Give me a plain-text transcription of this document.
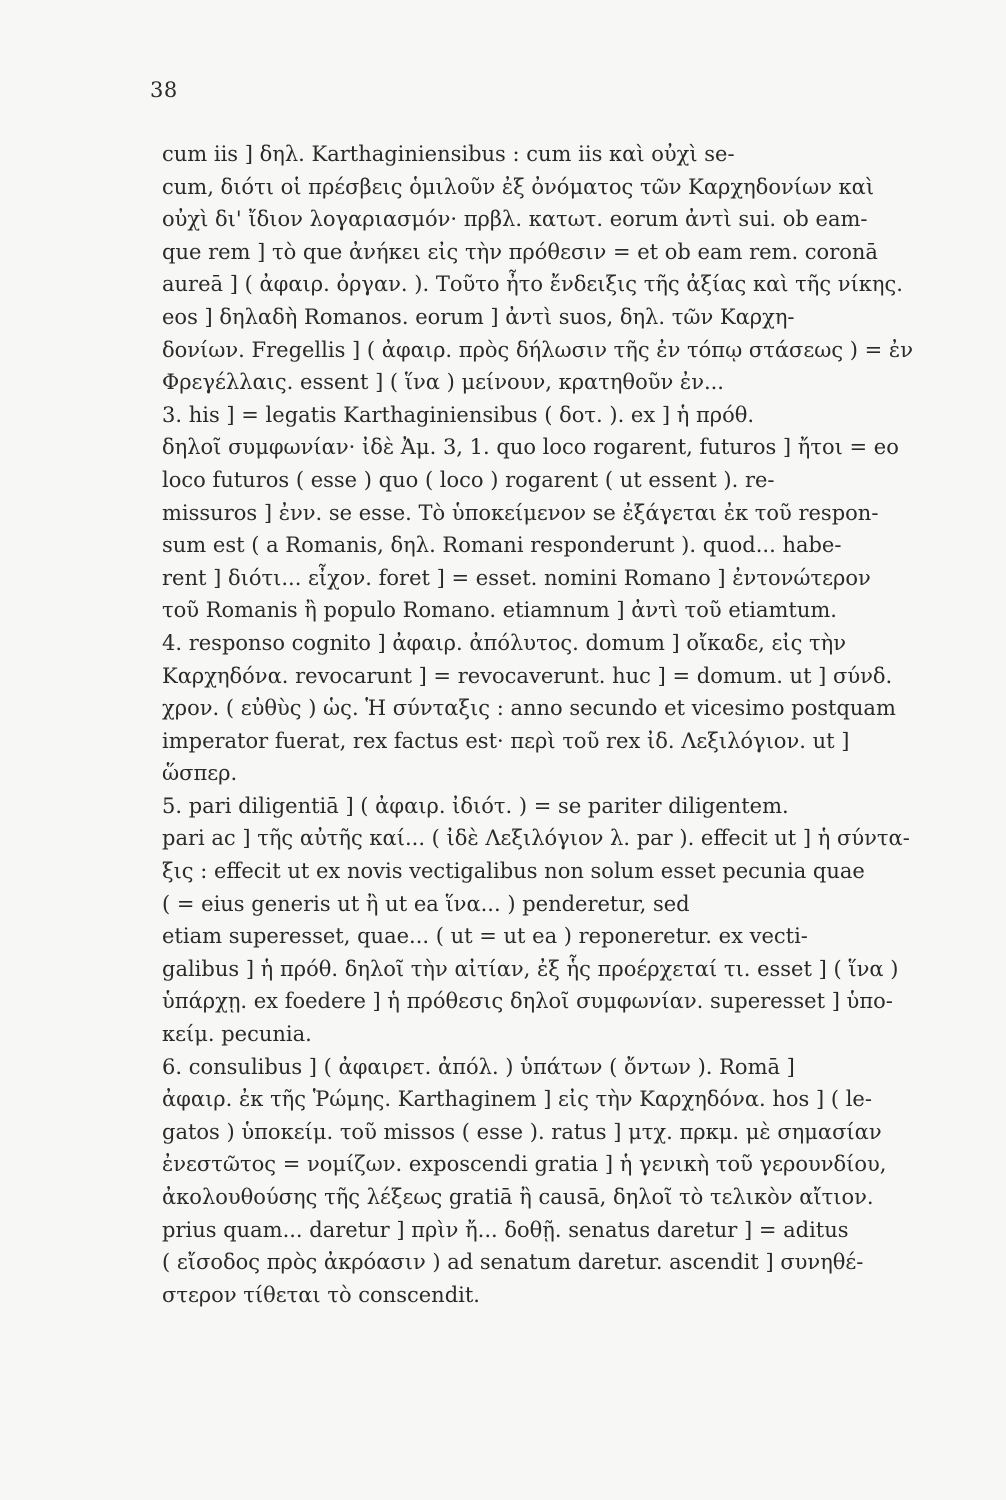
38
cum iis ] δηλ. Karthaginiensibus : cum iis καὶ οὐχὶ se-
cum, διότι οἱ πρέσβεις ὁμιλοῦν ἐξ ὀνόματος τῶν Καρχηδονίων καὶ
οὐχὶ δι' ἴδιον λογαριασμόν· πρβλ. κατωτ. eorum ἀντὶ sui. ob eam-
que rem ] τὸ que ἀνήκει εἰς τὴν πρόθεσιν = et ob eam rem. coronā
aureā ] ( ἀφαιρ. ὀργαν. ). Τοῦτο ἦτο ἔνδειξις τῆς ἀξίας καὶ τῆς νίκης.
eos ] δηλαδὴ Romanos. eorum ] ἀντὶ suos, δηλ. τῶν Καρχη-
δονίων. Fregellis ] ( ἀφαιρ. πρὸς δήλωσιν τῆς ἐν τόπῳ στάσεως ) = ἐν
Φρεγέλλαις. essent ] ( ἵνα ) μείνουν, κρατηθοῦν ἐν...
3. his ] = legatis Karthaginiensibus ( δοτ. ). ex ] ἡ πρόθ.
δηλοῖ συμφωνίαν· ἰδὲ Ἀμ. 3, 1. quo loco rogarent, futuros ] ἤτοι = eo
loco futuros ( esse ) quo ( loco ) rogarent ( ut essent ). re-
missuros ] ἐνν. se esse. Τὸ ὑποκείμενον se ἐξάγεται ἐκ τοῦ respon-
sum est ( a Romanis, δηλ. Romani responderunt ). quod... habe-
rent ] διότι... εἶχον. foret ] = esset. nomini Romano ] ἐντονώτερον
τοῦ Romanis ἢ populo Romano. etiamnum ] ἀντὶ τοῦ etiamtum.
4. responso cognito ] ἀφαιρ. ἀπόλυτος. domum ] οἴκαδε, εἰς τὴν
Καρχηδόνα. revocarunt ] = revocaverunt. huc ] = domum. ut ] σύνδ.
χρον. ( εὐθὺς ) ὡς. Ἡ σύνταξις : anno secundo et vicesimo postquam
imperator fuerat, rex factus est· περὶ τοῦ rex ἰδ. Λεξιλόγιον. ut ]
ὥσπερ.
5. pari diligentiā ] ( ἀφαιρ. ἰδιότ. ) = se pariter diligentem.
pari ac ] τῆς αὐτῆς καί... ( ἰδὲ Λεξιλόγιον λ. par ). effecit ut ] ἡ σύντα-
ξις : effecit ut ex novis vectigalibus non solum esset pecunia quae
( = eius generis ut ἢ ut ea ἵνα... ) penderetur, sed
etiam superesset, quae... ( ut = ut ea ) reponeretur. ex vecti-
galibus ] ἡ πρόθ. δηλοῖ τὴν αἰτίαν, ἐξ ἧς προέρχεταί τι. esset ] ( ἵνα )
ὑπάρχῃ. ex foedere ] ἡ πρόθεσις δηλοῖ συμφωνίαν. superesset ] ὑπο-
κείμ. pecunia.
6. consulibus ] ( ἀφαιρετ. ἀπόλ. ) ὑπάτων ( ὄντων ). Romā ]
ἀφαιρ. ἐκ τῆς Ῥώμης. Karthaginem ] εἰς τὴν Καρχηδόνα. hos ] ( le-
gatos ) ὑποκείμ. τοῦ missos ( esse ). ratus ] μτχ. πρκμ. μὲ σημασίαν
ἐνεστῶτος = νομίζων. exposcendi gratia ] ἡ γενικὴ τοῦ γερουνδίου,
ἀκολουθούσης τῆς λέξεως gratiā ἢ causā, δηλοῖ τὸ τελικὸν αἴτιον.
prius quam... daretur ] πρὶν ἤ... δοθῇ. senatus daretur ] = aditus
( εἴσοδος πρὸς ἀκρόασιν ) ad senatum daretur. ascendit ] συνηθέ-
στερον τίθεται τὸ conscendit.
